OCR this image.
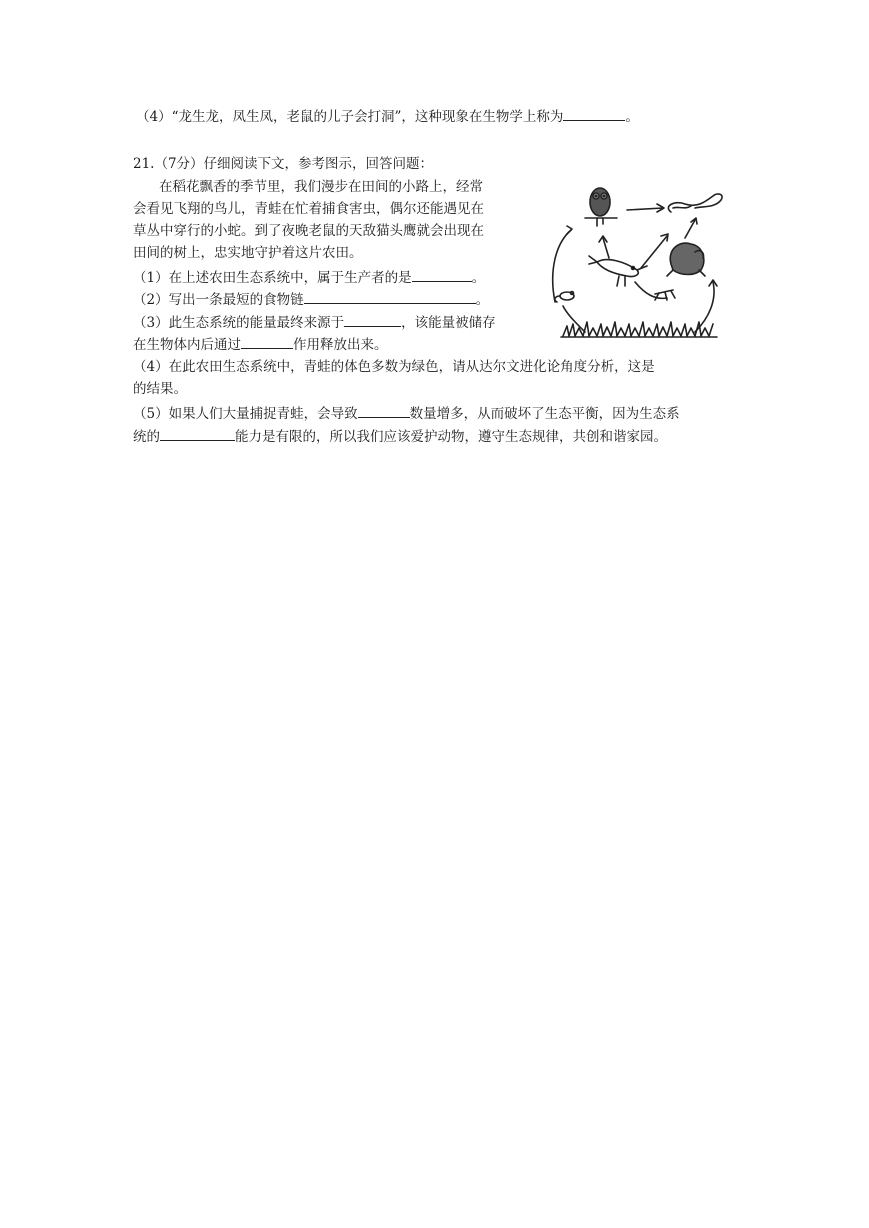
（4）“龙生龙，凤生凤，老鼠的儿子会打洞”，这种现象在生物学上称为	。
21.（7分）仔细阅读下文，参考图示，回答问题：
在稻花飘香的季节里，我们漫步在田间的小路上，经常
会看见飞翔的鸟儿，青蛙在忙着捕食害虫，偶尔还能遇见在
草丛中穿行的小蛇。到了夜晚老鼠的天敌猫头鹰就会出现在
田间的树上，忠实地守护着这片农田。
（1）在上述农田生态系统中，属于生产者的是	。
（2）写出一条最短的食物链	。
（3）此生态系统的能量最终来源于	，该能量被储存
在生物体内后通过	作用释放出来。
（4）在此农田生态系统中，青蛙的体色多数为绿色，请从达尔文进化论角度分析，这是
的结果。
（5）如果人们大量捕捉青蛙，会导致	数量增多，从而破坏了生态平衡，因为生态系
统的	能力是有限的，所以我们应该爱护动物，遵守生态规律，共创和谐家园。
